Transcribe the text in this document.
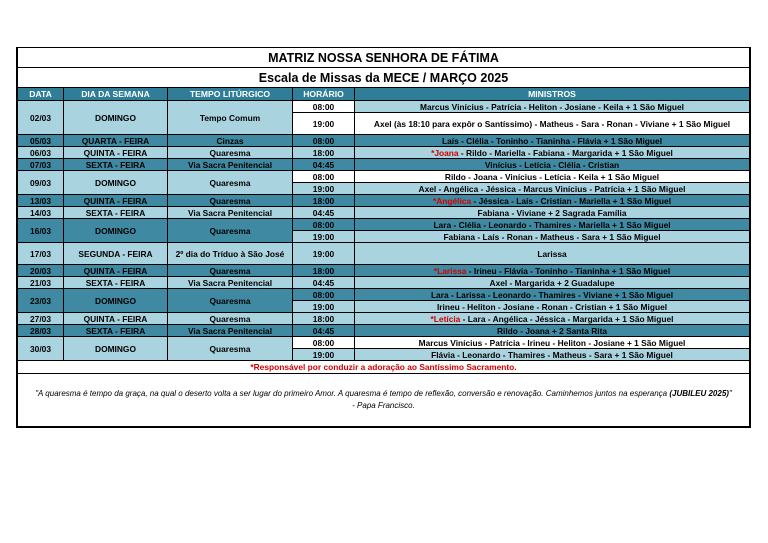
MATRIZ NOSSA SENHORA DE FÁTIMA				
Escala de Missas da MECE / MARÇO 2025				
DATA	DIA DA SEMANA	TEMPO LITÚRGICO	HORÁRIO	MINISTROS
02/03	DOMINGO	Tempo Comum	08:00	Marcus Vinícius - Patrícia - Heliton - Josiane - Keila + 1 São Miguel
			19:00	Axel (às 18:10 para expôr o Santíssimo) - Matheus - Sara - Ronan - Viviane + 1 São Miguel
05/03	QUARTA - FEIRA	Cinzas	08:00	Laís - Clélia - Toninho - Tianinha - Flávia + 1 São Miguel
06/03	QUINTA - FEIRA	Quaresma	18:00	*Joana - Rildo - Mariella - Fabiana - Margarida + 1 São Miguel
07/03	SEXTA - FEIRA	Via Sacra Penitencial	04:45	Vinícius - Letícia - Clélia - Cristian
09/03	DOMINGO	Quaresma	08:00	Rildo - Joana - Vinícius - Letícia - Keila + 1 São Miguel
			19:00	Axel - Angélica - Jéssica - Marcus Vinícius - Patrícia + 1 São Miguel
13/03	QUINTA - FEIRA	Quaresma	18:00	*Angélica - Jéssica - Laís - Cristian - Mariella + 1 São Miguel
14/03	SEXTA - FEIRA	Via Sacra Penitencial	04:45	Fabiana - Viviane + 2 Sagrada Família
16/03	DOMINGO	Quaresma	08:00	Lara - Clélia - Leonardo - Thamires - Mariella + 1 São Miguel
			19:00	Fabiana - Laís - Ronan - Matheus - Sara + 1 São Miguel
17/03	SEGUNDA - FEIRA	2º dia do Tríduo à São José	19:00	Larissa
20/03	QUINTA - FEIRA	Quaresma	18:00	*Larissa - Irineu - Flávia - Toninho - Tianinha + 1 São Miguel
21/03	SEXTA - FEIRA	Via Sacra Penitencial	04:45	Axel - Margarida + 2 Guadalupe
23/03	DOMINGO	Quaresma	08:00	Lara - Larissa - Leonardo - Thamires - Viviane + 1 São Miguel
			19:00	Irineu - Heliton - Josiane - Ronan - Cristian + 1 São Miguel
27/03	QUINTA - FEIRA	Quaresma	18:00	*Letícia - Lara - Angélica - Jéssica - Margarida + 1 São Miguel
28/03	SEXTA - FEIRA	Via Sacra Penitencial	04:45	Rildo - Joana + 2 Santa Rita
30/03	DOMINGO	Quaresma	08:00	Marcus Vinícius - Patrícia - Irineu - Heliton - Josiane + 1 São Miguel
			19:00	Flávia - Leonardo - Thamires - Matheus - Sara + 1 São Miguel
*Responsável por conduzir a adoração ao Santíssimo Sacramento.				
"A quaresma é tempo da graça, na qual o deserto volta a ser lugar do primeiro Amor. A quaresma é tempo de reflexão, conversão e renovação. Caminhemos juntos na esperança (JUBILEU 2025)" - Papa Francisco.				
